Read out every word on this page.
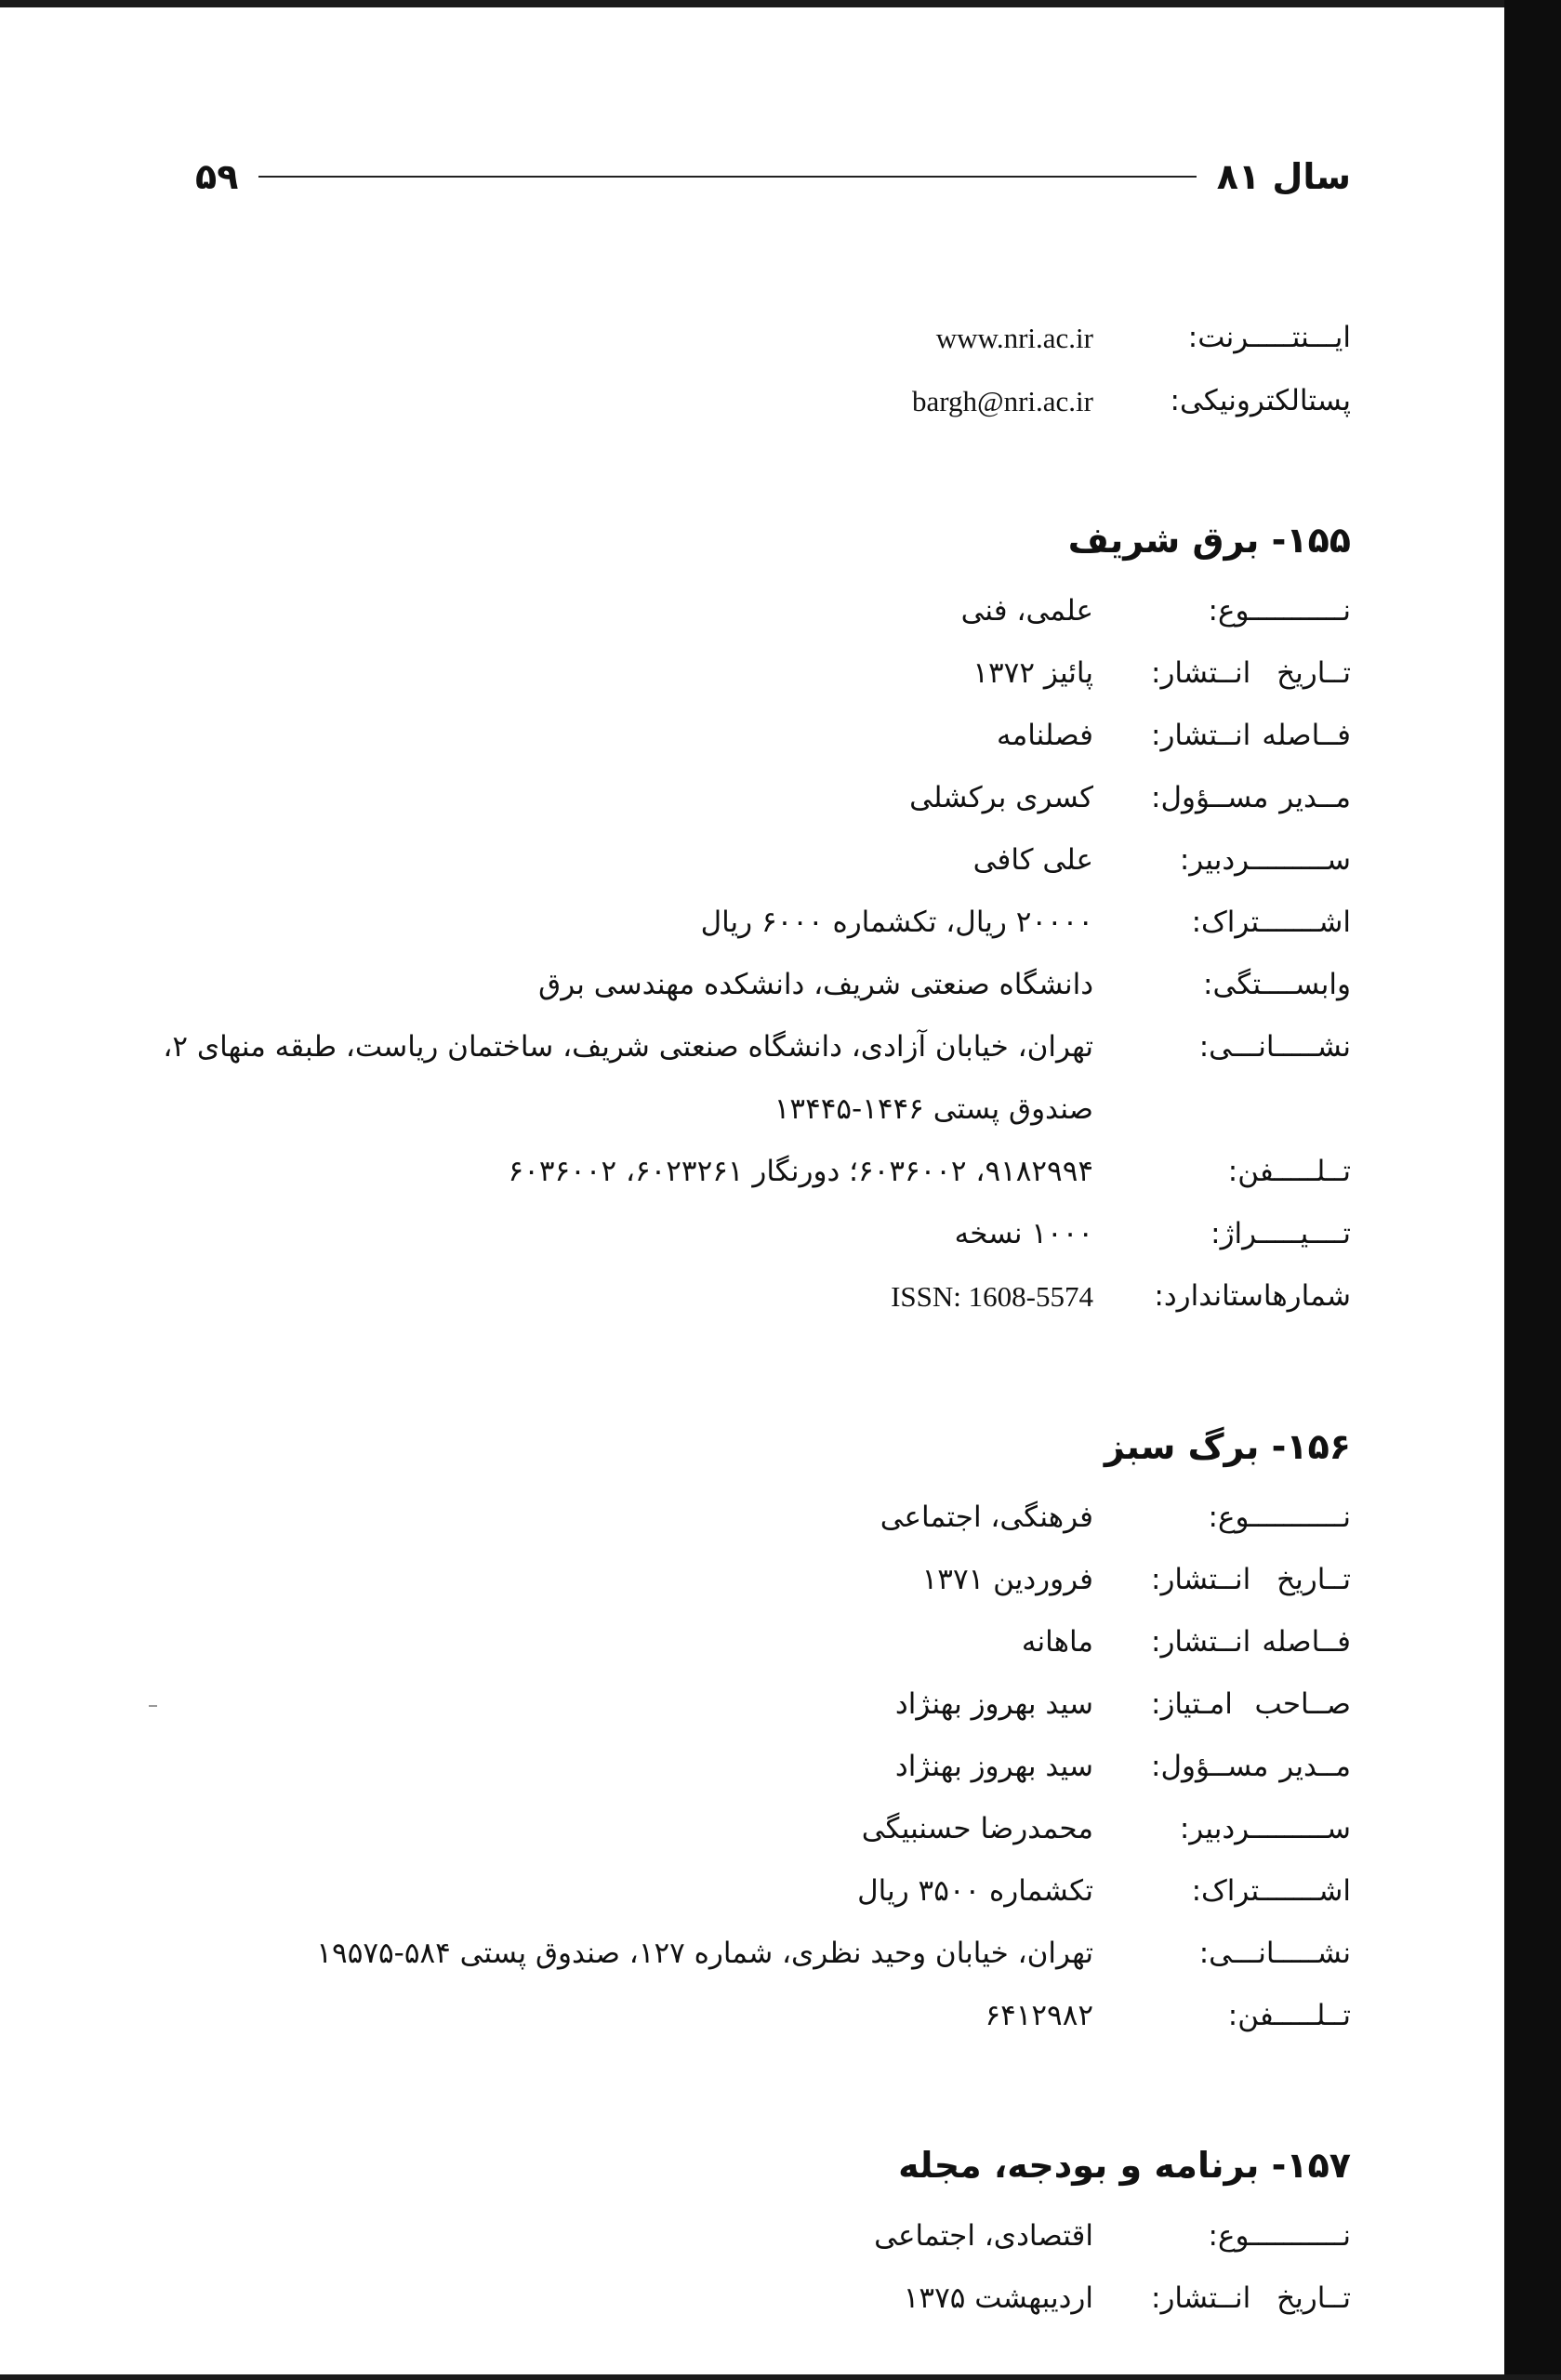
سال ۸۱
۵۹
ایـــنتـــــرنت:
www.nri.ac.ir
پستالکترونیکی:
bargh@nri.ac.ir
۱۵۵- برق شریف
نـــــــــــوع:
علمی، فنی
تــاریخ انــتشار:
پائیز ۱۳۷۲
فــاصله انــتشار:
فصلنامه
مــدیر مســؤول:
کسری برکشلی
ســـــــــردبیر:
علی کافی
اشـــــــتراک:
۲۰۰۰۰ ریال، تکشماره ۶۰۰۰ ریال
وابســــتگی:
دانشگاه صنعتی شریف، دانشکده مهندسی برق
نشـــــانـــی:
تهران، خیابان آزادی، دانشگاه صنعتی شریف، ساختمان ریاست، طبقه منهای ۲، صندوق پستی ۱۴۴۶-۱۳۴۴۵
تــلـــــفن:
۹۱۸۲۹۹۴، ۶۰۳۶۰۰۲؛ دورنگار ۶۰۲۳۲۶۱، ۶۰۳۶۰۰۲
تــــیـــــراژ:
۱۰۰۰ نسخه
شمارهاستاندارد:
ISSN: 1608-5574
۱۵۶- برگ سبز
نـــــــــــوع:
فرهنگی، اجتماعی
تــاریخ انــتشار:
فروردین ۱۳۷۱
فــاصله انــتشار:
ماهانه
صــاحب امـتیاز:
سید بهروز بهنژاد
مــدیر مســؤول:
سید بهروز بهنژاد
ســـــــــردبیر:
محمدرضا حسنبیگی
اشـــــــتراک:
تکشماره ۳۵۰۰ ریال
نشـــــانـــی:
تهران، خیابان وحید نظری، شماره ۱۲۷، صندوق پستی ۵۸۴-۱۹۵۷۵
تــلـــــفن:
۶۴۱۲۹۸۲
۱۵۷- برنامه و بودجه، مجله
نـــــــــــوع:
اقتصادی، اجتماعی
تــاریخ انــتشار:
اردیبهشت ۱۳۷۵
